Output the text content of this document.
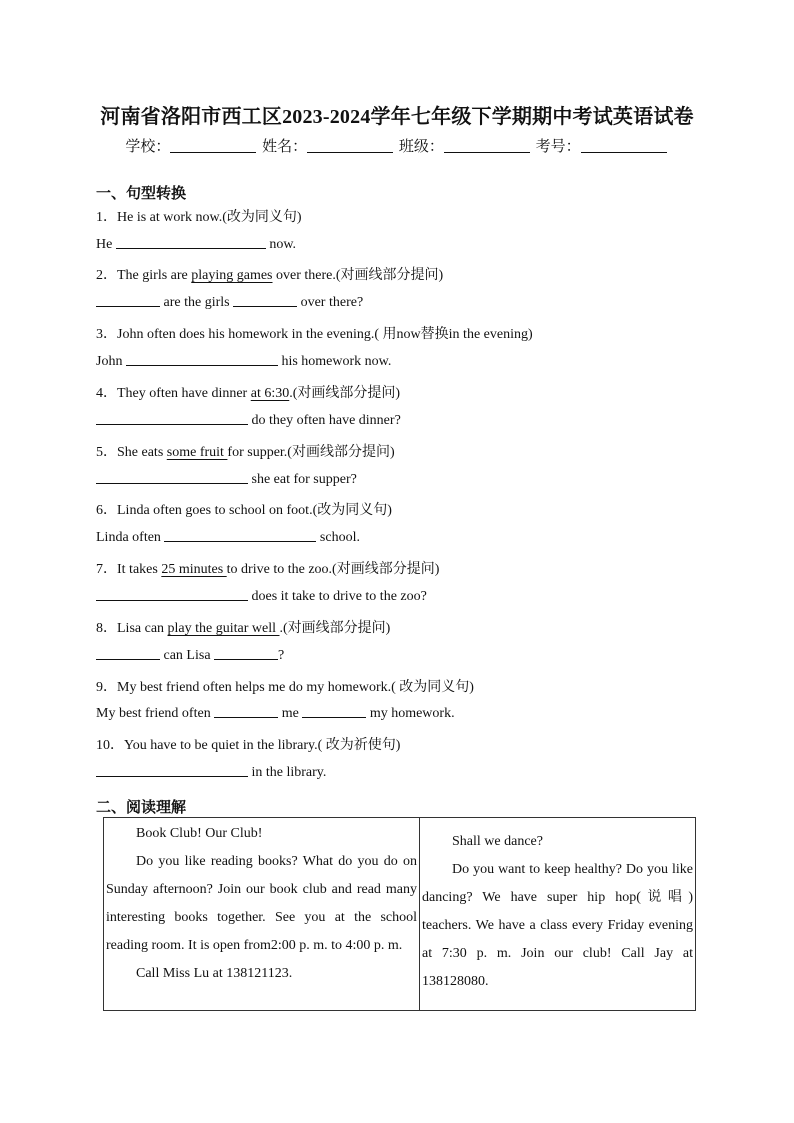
河南省洛阳市西工区2023-2024学年七年级下学期期中考试英语试卷
学校：	姓名：	班级：	考号：
一、句型转换
1．He is at work now.(改为同义句)
He	now.
2．The girls are playing games over there.(对画线部分提问)
are the girls	over there?
3．John often does his homework in the evening.( 用now替换in the evening)
John	his homework now.
4．They often have dinner at 6:30.(对画线部分提问)
do they often have dinner?
5．She eats some fruit for supper.(对画线部分提问)
she eat for supper?
6．Linda often goes to school on foot.(改为同义句)
Linda often	school.
7．It takes 25 minutes to drive to the zoo.(对画线部分提问)
does it take to drive to the zoo?
8．Lisa can play the guitar well .(对画线部分提问)
can Lisa	?
9．My best friend often helps me do my homework.( 改为同义句)
My best friend often	me	my homework.
10．You have to be quiet in the library.( 改为祈使句)
in the library.
二、阅读理解

Book Club! Our Club!

Do you like reading books? What do you do on Sunday afternoon? Join our book club and read many interesting books together. See you at the school reading room. It is open from2:00 p. m. to 4:00 p. m.

Call Miss Lu at 138121123.

Shall we dance?

Do you want to keep healthy? Do you like dancing? We have super hip hop(说唱) teachers. We have a class every Friday evening at 7:30 p. m. Join our club! Call Jay at 138128080.
